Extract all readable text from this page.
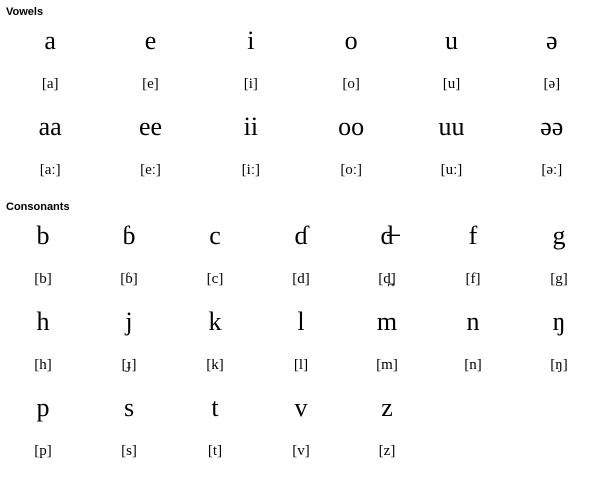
Vowels
a	e	i	o	u	ə
[a]	[e]	[i]	[o]	[u]	[ə]
aa	ee	ii	oo	uu	əə
[aː]	[eː]	[iː]	[oː]	[uː]	[əː]
Consonants
b	ɓ	c	ɗ	d̶	f	g
[b]	[ɓ]	[c]	[d]	[d̪]	[f]	[g]
h	j	k	l	m	n	ŋ
[h]	[ɟ]	[k]	[l]	[m]	[n]	[ŋ]
p	s	t	v	z		
[p]	[s]	[t]	[v]	[z]		
